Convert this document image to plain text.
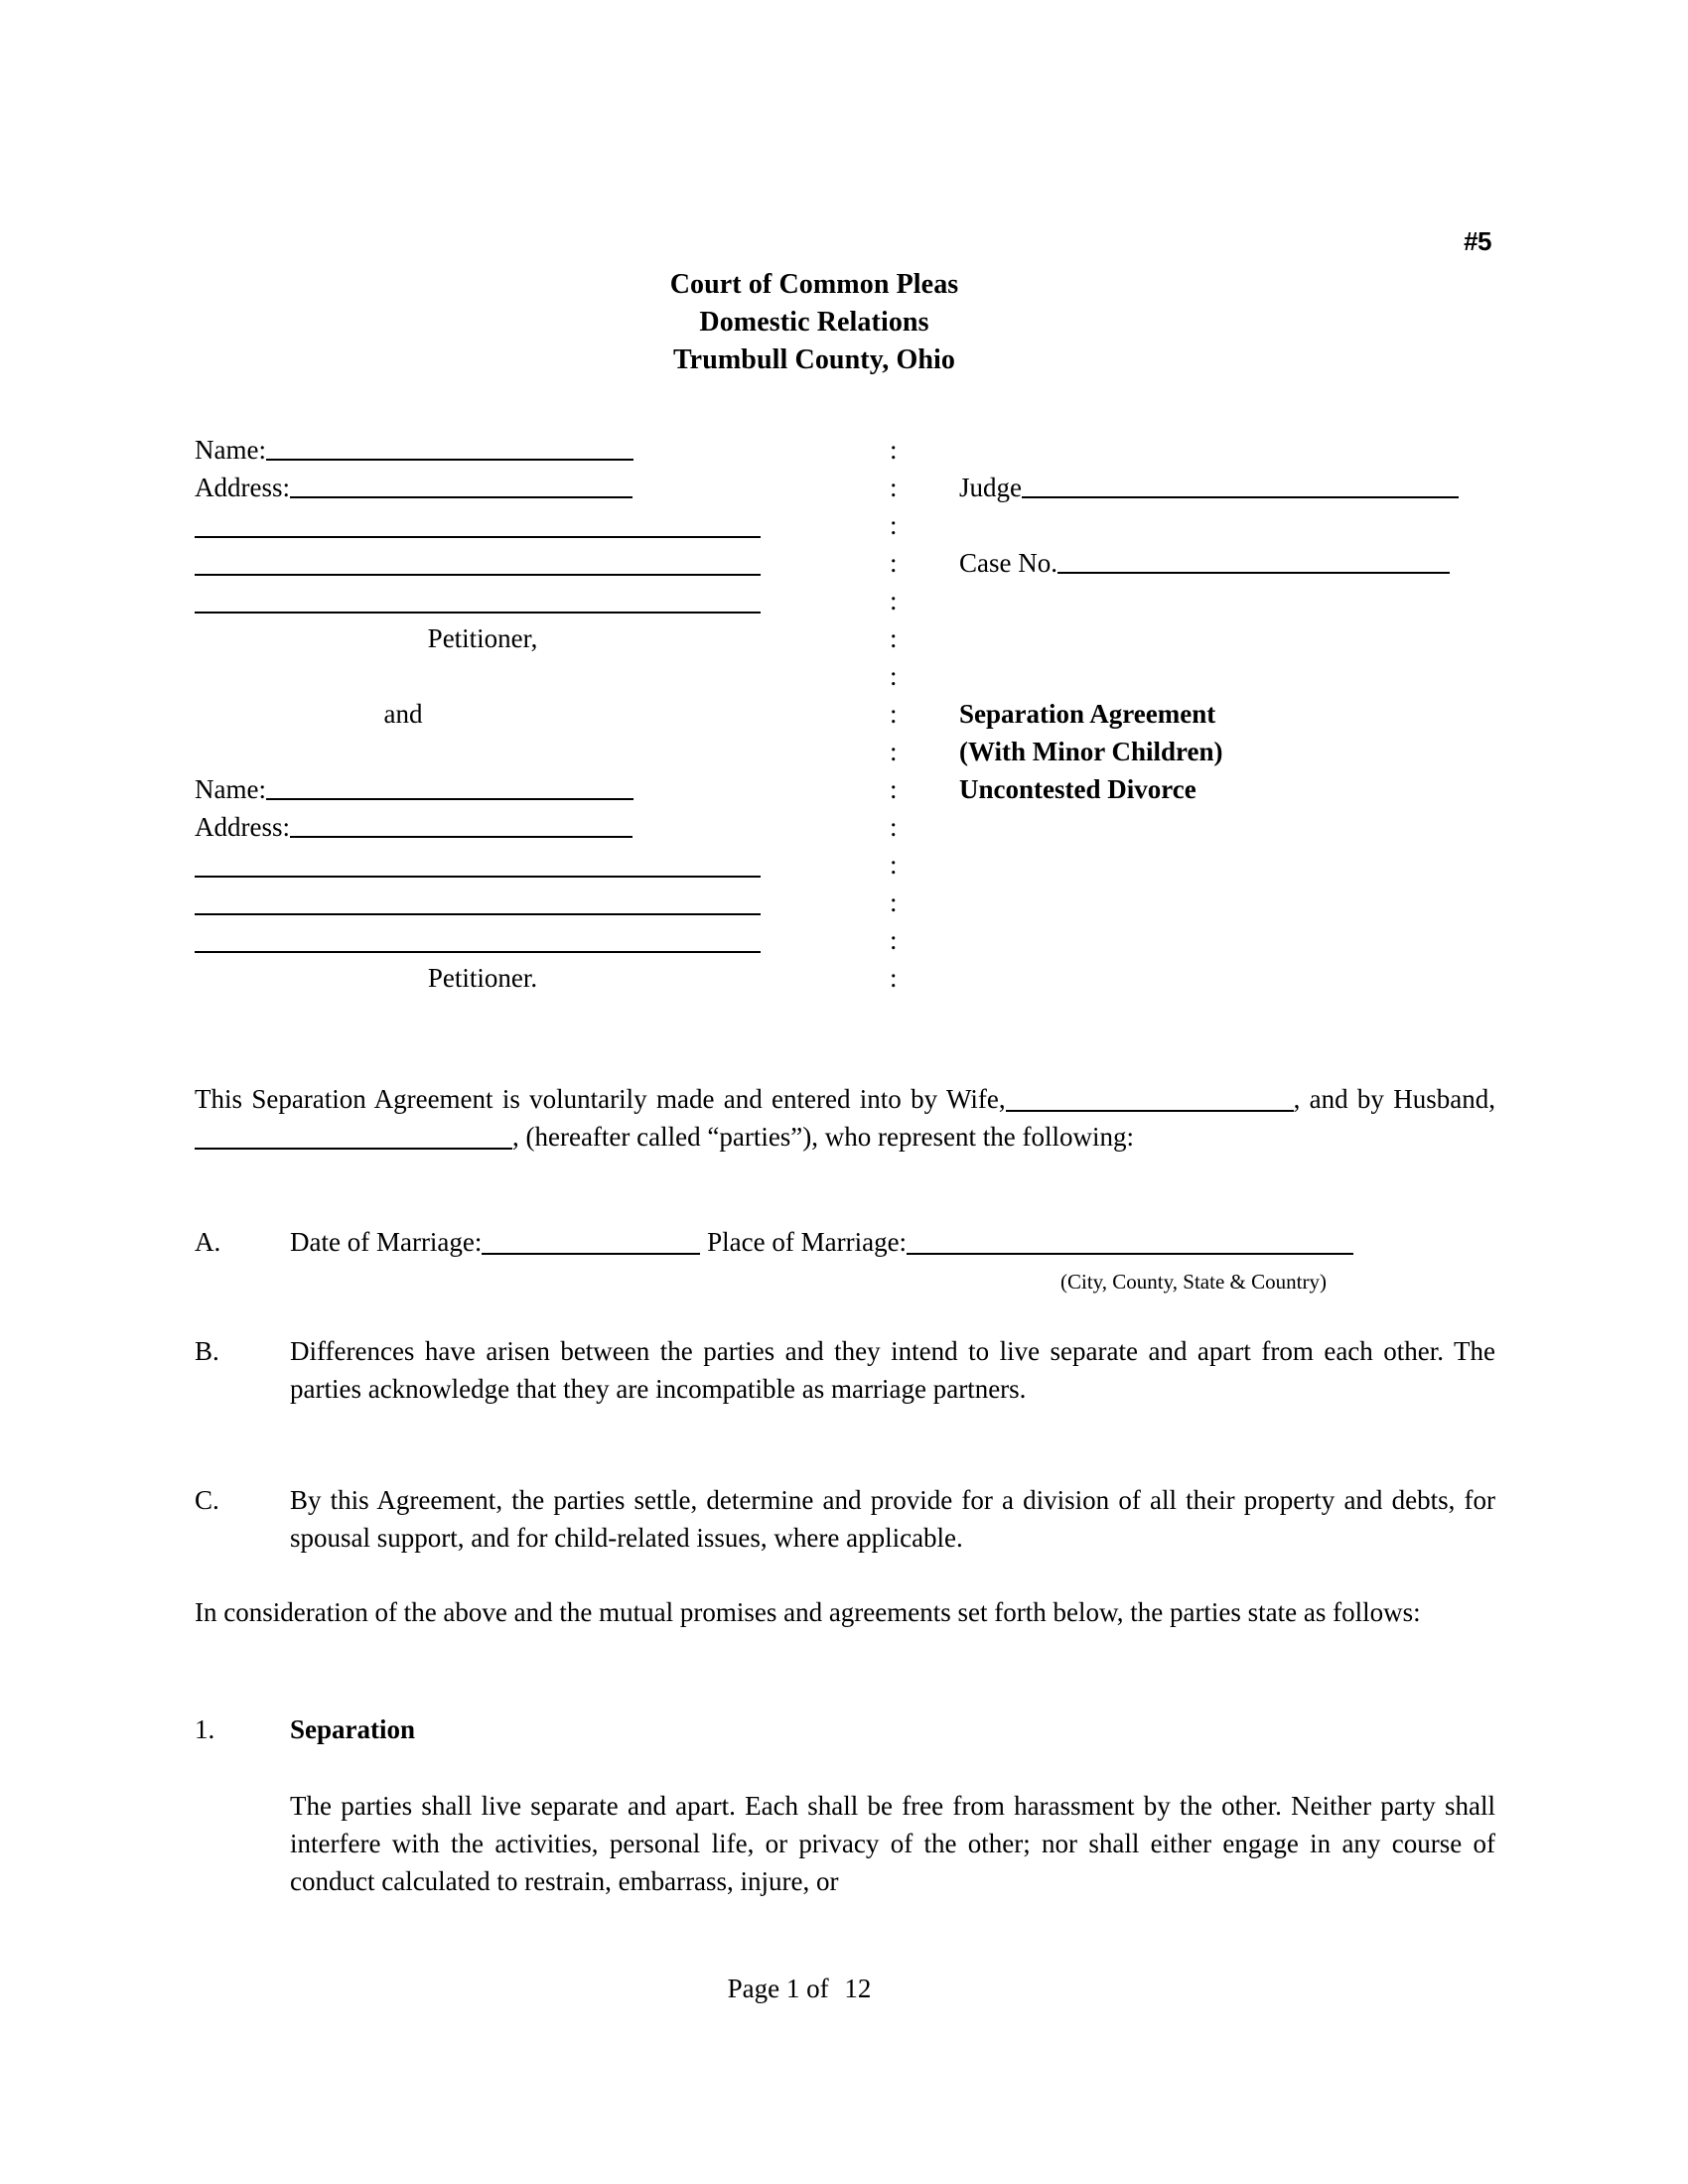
#5
Court of Common Pleas
Domestic Relations
Trumbull County, Ohio
Name:	:
Address:	:	Judge
:
:	Case No.
:
Petitioner,	:
:
and	:	Separation Agreement
:	(With Minor Children)
Name:	:	Uncontested Divorce
Address:	:
:
:
:
Petitioner.	:

This Separation Agreement is voluntarily made and entered into by Wife,	, and by Husband, , (hereafter called “parties”), who represent the following:

A.	Date of Marriage:	Place of Marriage:
(City, County, State & Country)
B.	Differences have arisen between the parties and they intend to live separate and apart from each other. The parties acknowledge that they are incompatible as marriage partners.
C.	By this Agreement, the parties settle, determine and provide for a division of all their property and debts, for spousal support, and for child-related issues, where applicable.

In consideration of the above and the mutual promises and agreements set forth below, the parties state as follows:

1.	Separation
The parties shall live separate and apart. Each shall be free from harassment by the other. Neither party shall interfere with the activities, personal life, or privacy of the other; nor shall either engage in any course of conduct calculated to restrain, embarrass, injure, or
Page 1 of 12
